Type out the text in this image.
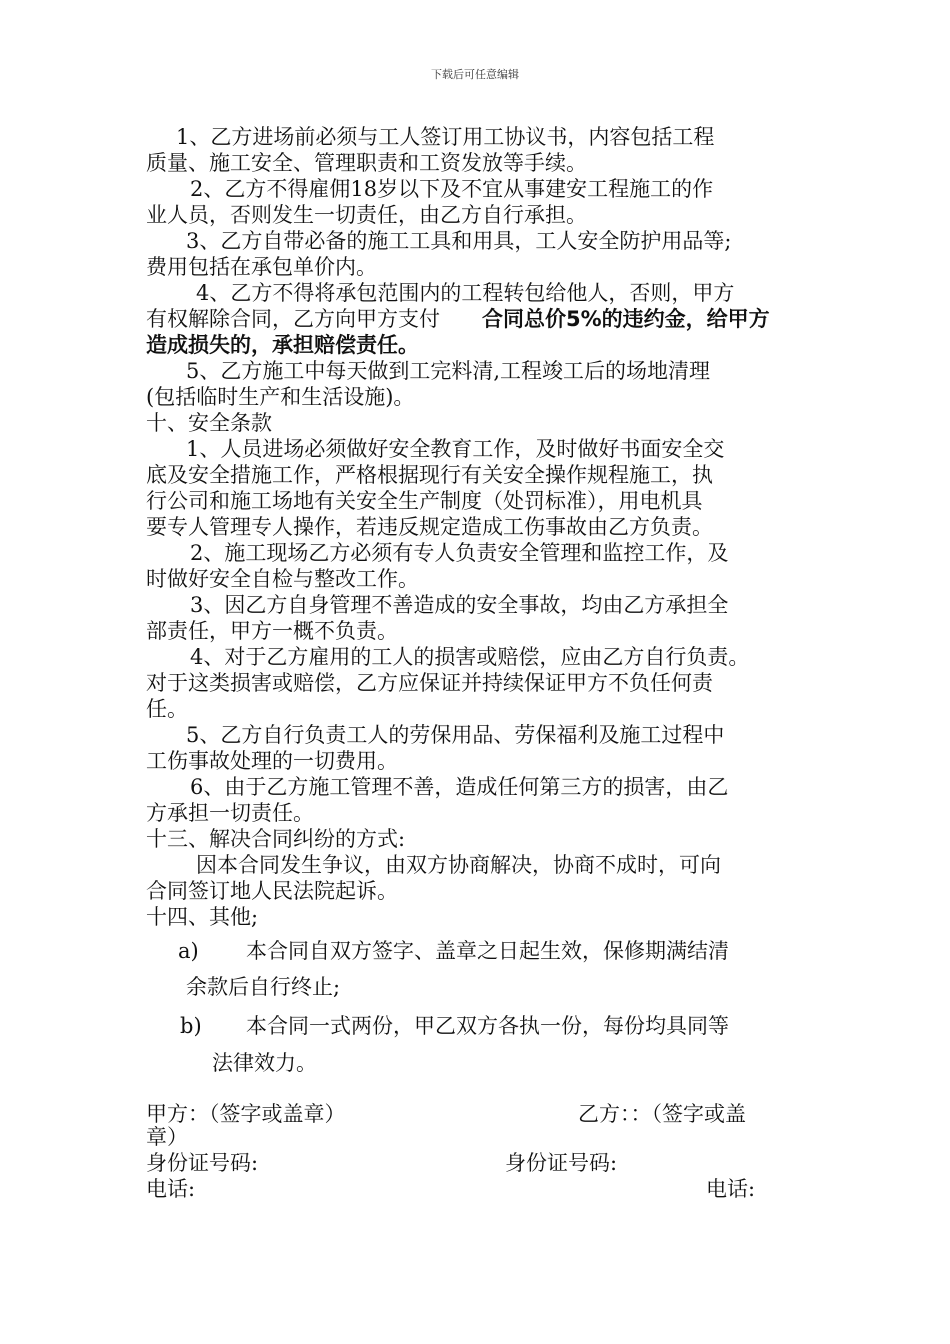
下载后可任意编辑
1、乙方进场前必须与工人签订用工协议书，内容包括工程
质量、施工安全、管理职责和工资发放等手续。
2、乙方不得雇佣18岁以下及不宜从事建安工程施工的作
业人员，否则发生一切责任，由乙方自行承担。
3、乙方自带必备的施工工具和用具，工人安全防护用品等;
费用包括在承包单价内。
4、乙方不得将承包范围内的工程转包给他人，否则，甲方
有权解除合同，乙方向甲方支付 合同总价5%的违约金，给甲方
造成损失的，承担赔偿责任。
5、乙方施工中每天做到工完料清,工程竣工后的场地清理
(包括临时生产和生活设施)。
十、安全条款
1、人员进场必须做好安全教育工作，及时做好书面安全交
底及安全措施工作，严格根据现行有关安全操作规程施工，执
行公司和施工场地有关安全生产制度（处罚标准），用电机具
要专人管理专人操作，若违反规定造成工伤事故由乙方负责。
2、施工现场乙方必须有专人负责安全管理和监控工作，及
时做好安全自检与整改工作。
3、因乙方自身管理不善造成的安全事故，均由乙方承担全
部责任，甲方一概不负责。
4、对于乙方雇用的工人的损害或赔偿，应由乙方自行负责。
对于这类损害或赔偿，乙方应保证并持续保证甲方不负任何责
任。
5、乙方自行负责工人的劳保用品、劳保福利及施工过程中
工伤事故处理的一切费用。
6、由于乙方施工管理不善，造成任何第三方的损害，由乙
方承担一切责任。
十三、解决合同纠纷的方式:
因本合同发生争议，由双方协商解决，协商不成时，可向
合同签订地人民法院起诉。
十四、其他;
a) 本合同自双方签字、盖章之日起生效，保修期满结清
余款后自行终止;
b) 本合同一式两份，甲乙双方各执一份，每份均具同等
法律效力。
甲方：（签字或盖章）	乙方：：（签字或盖
章）
身份证号码:	身份证号码:
电话:	电话:
